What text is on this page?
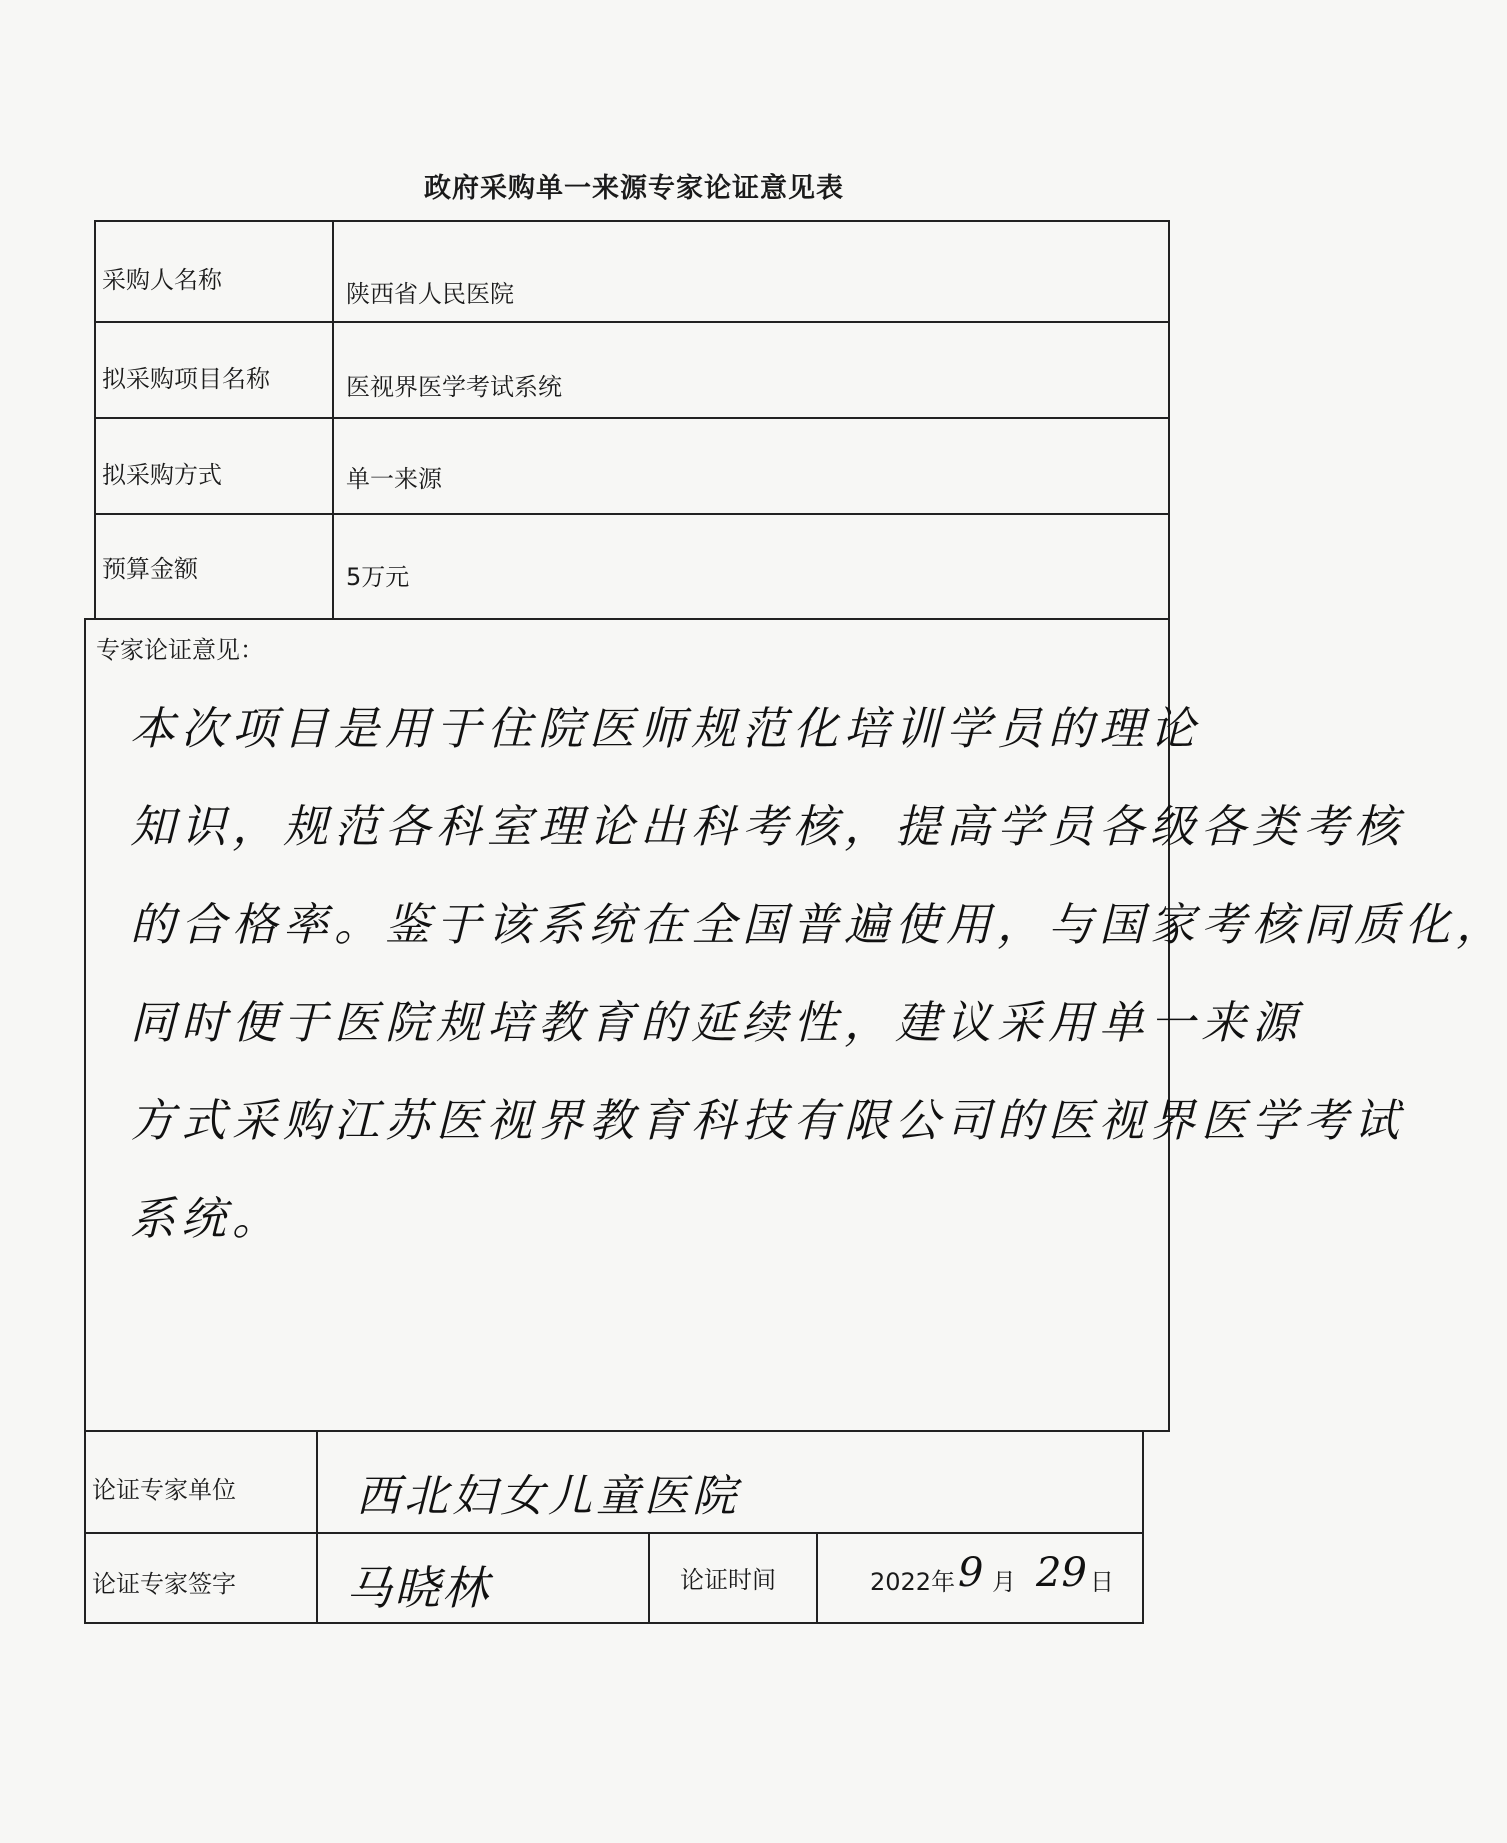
政府采购单一来源专家论证意见表
采购人名称	陕西省人民医院
拟采购项目名称	医视界医学考试系统
拟采购方式	单一来源
预算金额	5万元
专家论证意见：
本次项目是用于住院医师规范化培训学员的理论
知识，规范各科室理论出科考核，提高学员各级各类考核
的合格率。鉴于该系统在全国普遍使用，与国家考核同质化，
同时便于医院规培教育的延续性，建议采用单一来源
方式采购江苏医视界教育科技有限公司的医视界医学考试
系统。
论证专家单位	西北妇女儿童医院
论证专家签字 马晓林	论证时间	2022年 9 月 29 日
